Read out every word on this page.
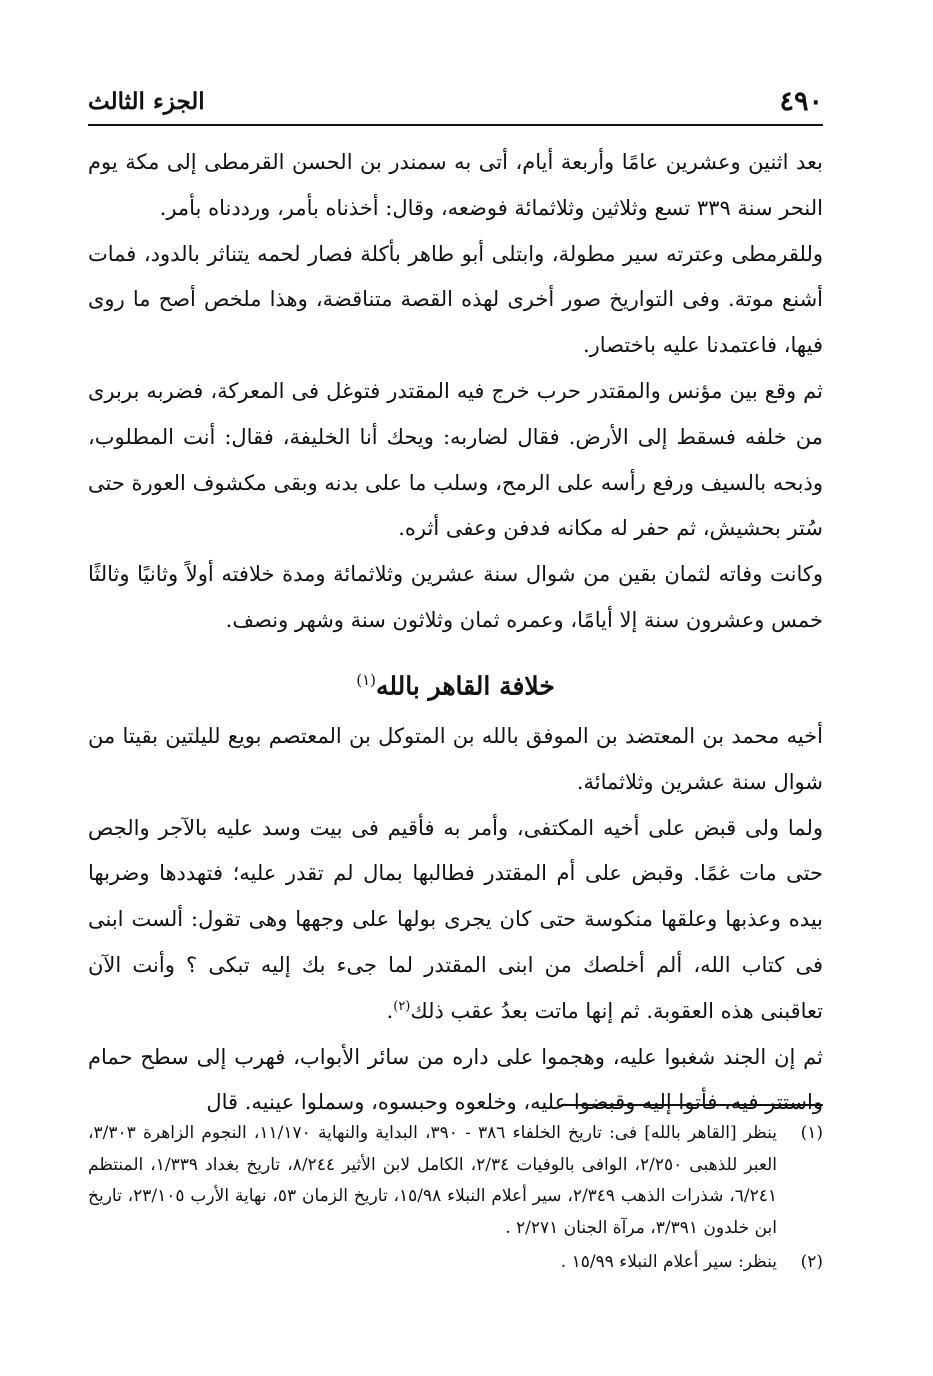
٤٩٠
الجزء الثالث

بعد اثنين وعشرين عامًا وأربعة أيام، أتى به سمندر بن الحسن القرمطى إلى مكة يوم النحر سنة ٣٣٩ تسع وثلاثين وثلاثمائة فوضعه، وقال: أخذناه بأمر، ورددناه بأمر.

وللقرمطى وعترته سير مطولة، وابتلى أبو طاهر بأكلة فصار لحمه يتناثر بالدود، فمات أشنع موتة. وفى التواريخ صور أخرى لهذه القصة متناقضة، وهذا ملخص أصح ما روى فيها، فاعتمدنا عليه باختصار.

ثم وقع بين مؤنس والمقتدر حرب خرج فيه المقتدر فتوغل فى المعركة، فضربه بربرى من خلفه فسقط إلى الأرض. فقال لضاربه: ويحك أنا الخليفة، فقال: أنت المطلوب، وذبحه بالسيف ورفع رأسه على الرمح، وسلب ما على بدنه وبقى مكشوف العورة حتى سُتر بحشيش، ثم حفر له مكانه فدفن وعفى أثره.

وكانت وفاته لثمان بقين من شوال سنة عشرين وثلاثمائة ومدة خلافته أولاً وثانيًا وثالثًا خمس وعشرون سنة إلا أيامًا، وعمره ثمان وثلاثون سنة وشهر ونصف.

خلافة القاهر بالله$^{(١)}$

أخيه محمد بن المعتضد بن الموفق بالله بن المتوكل بن المعتصم بويع لليلتين بقيتا من شوال سنة عشرين وثلاثمائة.

ولما ولى قبض على أخيه المكتفى، وأمر به فأقيم فى بيت وسد عليه بالآجر والجص حتى مات غمًا. وقبض على أم المقتدر فطالبها بمال لم تقدر عليه؛ فتهددها وضربها بيده وعذبها وعلقها منكوسة حتى كان يجرى بولها على وجهها وهى تقول: ألست ابنى فى كتاب الله، ألم أخلصك من ابنى المقتدر لما جىء بك إليه تبكى ؟ وأنت الآن تعاقبنى هذه العقوبة. ثم إنها ماتت بعدُ عقب ذلك$^{(٢)}$.

ثم إن الجند شغبوا عليه، وهجموا على داره من سائر الأبواب، فهرب إلى سطح حمام واستتر فيه، فأتوا إليه وقبضوا عليه، وخلعوه وحبسوه، وسملوا عينيه. قال

(١)
ينظر [القاهر بالله] فى: تاريخ الخلفاء ٣٨٦ - ٣٩٠، البداية والنهاية ١١/١٧٠، النجوم الزاهرة ٣/٣٠٣، العبر للذهبى ٢/٢٥٠، الوافى بالوفيات ٢/٣٤، الكامل لابن الأثير ٨/٢٤٤، تاريخ بغداد ١/٣٣٩، المنتظم ٦/٢٤١، شذرات الذهب ٢/٣٤٩، سير أعلام النبلاء ١٥/٩٨، تاريخ الزمان ٥٣، نهاية الأرب ٢٣/١٠٥، تاريخ ابن خلدون ٣/٣٩١، مرآة الجنان ٢/٢٧١ .
(٢)
ينظر: سير أعلام النبلاء ١٥/٩٩ .
